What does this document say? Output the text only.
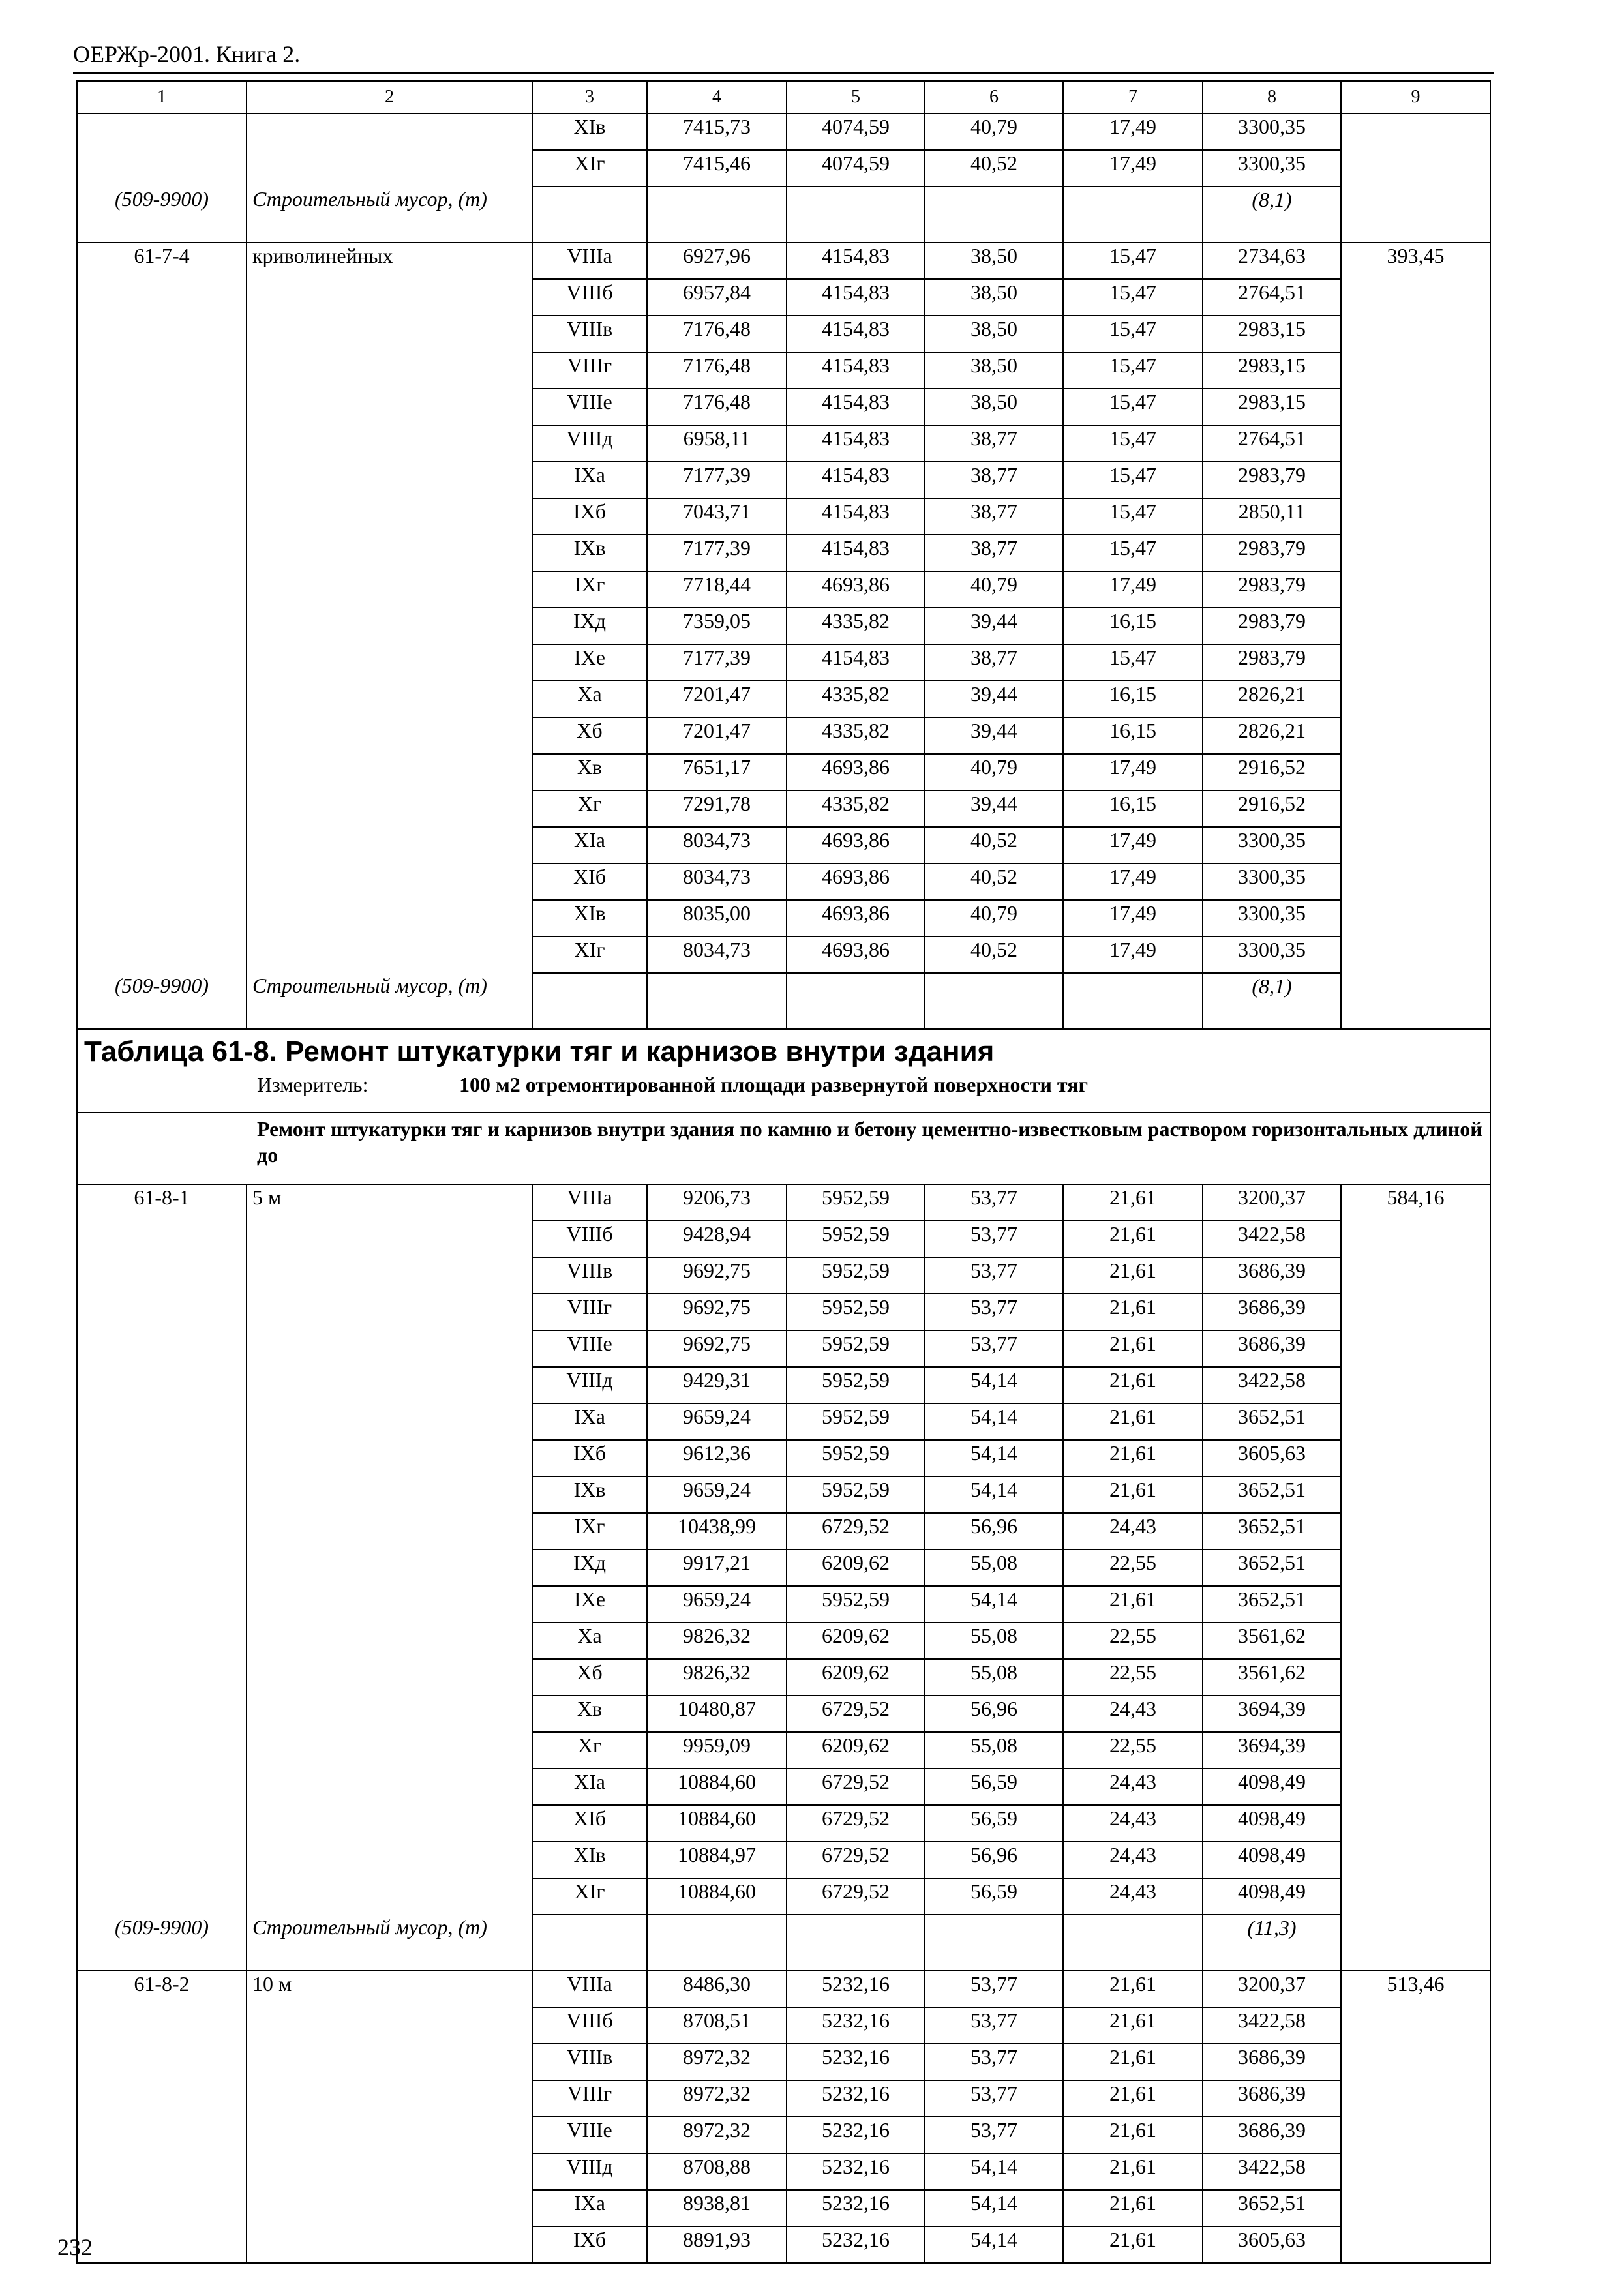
ОЕРЖр-2001. Книга 2.
1	2	3	4	5	6	7	8	9
		XIв	7415,73	4074,59	40,79	17,49	3300,35	
		XIг	7415,46	4074,59	40,52	17,49	3300,35	
(509-9900)	Строительный мусор, (т)						(8,1)	
61-7-4	криволинейных	VIIIа	6927,96	4154,83	38,50	15,47	2734,63	393,45
		VIIIб	6957,84	4154,83	38,50	15,47	2764,51	
		VIIIв	7176,48	4154,83	38,50	15,47	2983,15	
		VIIIг	7176,48	4154,83	38,50	15,47	2983,15	
		VIIIе	7176,48	4154,83	38,50	15,47	2983,15	
		VIIIд	6958,11	4154,83	38,77	15,47	2764,51	
		IXа	7177,39	4154,83	38,77	15,47	2983,79	
		IXб	7043,71	4154,83	38,77	15,47	2850,11	
		IXв	7177,39	4154,83	38,77	15,47	2983,79	
		IXг	7718,44	4693,86	40,79	17,49	2983,79	
		IXд	7359,05	4335,82	39,44	16,15	2983,79	
		IXе	7177,39	4154,83	38,77	15,47	2983,79	
		Xа	7201,47	4335,82	39,44	16,15	2826,21	
		Xб	7201,47	4335,82	39,44	16,15	2826,21	
		Xв	7651,17	4693,86	40,79	17,49	2916,52	
		Xг	7291,78	4335,82	39,44	16,15	2916,52	
		XIа	8034,73	4693,86	40,52	17,49	3300,35	
		XIб	8034,73	4693,86	40,52	17,49	3300,35	
		XIв	8035,00	4693,86	40,79	17,49	3300,35	
		XIг	8034,73	4693,86	40,52	17,49	3300,35	
(509-9900)	Строительный мусор, (т)						(8,1)	

Таблица 61-8. Ремонт штукатурки тяг и карнизов внутри здания
Измеритель: 100 м2 отремонтированной площади развернутой поверхности тяг								

Ремонт штукатурки тяг и карнизов внутри здания по камню и бетону цементно-известковым раствором горизонтальных длиной до								

61-8-1	5 м	VIIIа	9206,73	5952,59	53,77	21,61	3200,37	584,16
		VIIIб	9428,94	5952,59	53,77	21,61	3422,58	
		VIIIв	9692,75	5952,59	53,77	21,61	3686,39	
		VIIIг	9692,75	5952,59	53,77	21,61	3686,39	
		VIIIе	9692,75	5952,59	53,77	21,61	3686,39	
		VIIIд	9429,31	5952,59	54,14	21,61	3422,58	
		IXа	9659,24	5952,59	54,14	21,61	3652,51	
		IXб	9612,36	5952,59	54,14	21,61	3605,63	
		IXв	9659,24	5952,59	54,14	21,61	3652,51	
		IXг	10438,99	6729,52	56,96	24,43	3652,51	
		IXд	9917,21	6209,62	55,08	22,55	3652,51	
		IXе	9659,24	5952,59	54,14	21,61	3652,51	
		Xа	9826,32	6209,62	55,08	22,55	3561,62	
		Xб	9826,32	6209,62	55,08	22,55	3561,62	
		Xв	10480,87	6729,52	56,96	24,43	3694,39	
		Xг	9959,09	6209,62	55,08	22,55	3694,39	
		XIа	10884,60	6729,52	56,59	24,43	4098,49	
		XIб	10884,60	6729,52	56,59	24,43	4098,49	
		XIв	10884,97	6729,52	56,96	24,43	4098,49	
		XIг	10884,60	6729,52	56,59	24,43	4098,49	
(509-9900)	Строительный мусор, (т)						(11,3)	
61-8-2	10 м	VIIIа	8486,30	5232,16	53,77	21,61	3200,37	513,46
		VIIIб	8708,51	5232,16	53,77	21,61	3422,58	
		VIIIв	8972,32	5232,16	53,77	21,61	3686,39	
		VIIIг	8972,32	5232,16	53,77	21,61	3686,39	
		VIIIе	8972,32	5232,16	53,77	21,61	3686,39	
		VIIIд	8708,88	5232,16	54,14	21,61	3422,58	
		IXа	8938,81	5232,16	54,14	21,61	3652,51	
		IXб	8891,93	5232,16	54,14	21,61	3605,63	
232
